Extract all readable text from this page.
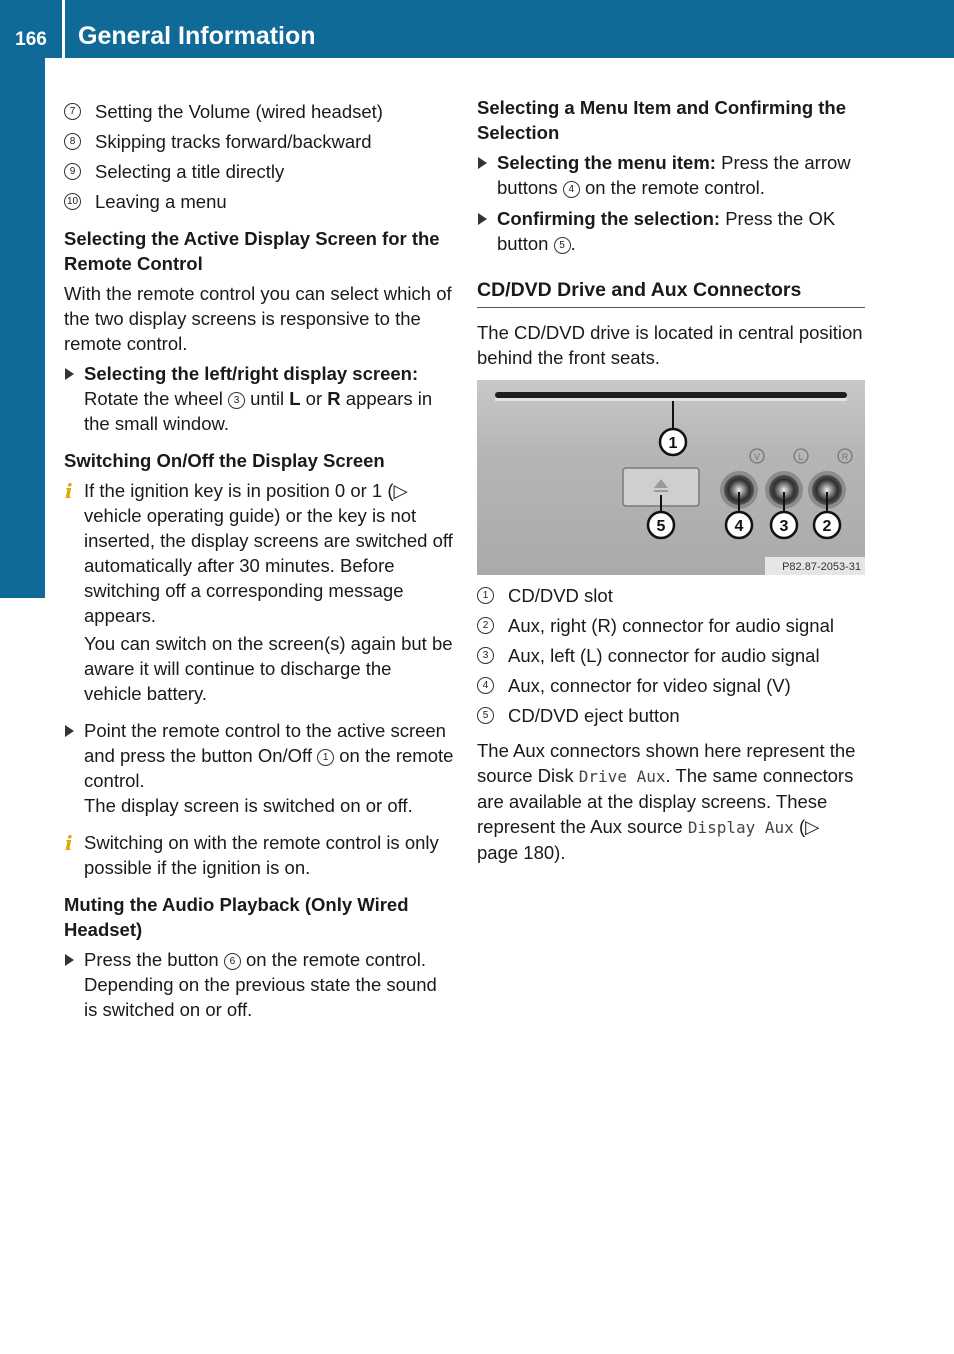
166	General Information
Rear Seat Entertainment
7	Setting the Volume (wired headset)
8	Skipping tracks forward/backward
9	Selecting a title directly
10 Leaving a menu

Selecting the Active Display Screen for the Remote Control

With the remote control you can select which of the two display screens is responsive to the remote control.

Selecting the left/right display screen: Rotate the wheel 3 until L or R appears in the small window.

Switching On/Off the Display Screen

i If the ignition key is in position 0 or 1 (▷ vehicle operating guide) or the key is not inserted, the display screens are switched off automatically after 30 minutes. Before switching off a corresponding message appears.

You can switch on the screen(s) again but be aware it will continue to discharge the vehicle battery.

Point the remote control to the active screen and press the button On/Off 1 on the remote control.
The display screen is switched on or off.
i Switching on with the remote control is only possible if the ignition is on.

Muting the Audio Playback (Only Wired Headset)

Press the button 6 on the remote control.
Depending on the previous state the sound is switched on or off.

Selecting a Menu Item and Confirming the Selection

Selecting the menu item: Press the arrow buttons 4 on the remote control.
Confirming the selection: Press the OK button 5 .
CD/DVD Drive and Aux Connectors

The CD/DVD drive is located in central position behind the front seats.

V	L	R
1
2
3
4
5
P82.87-2053-31
1	CD/DVD slot
2	Aux, right (R) connector for audio signal
3	Aux, left (L) connector for audio signal
4	Aux, connector for video signal (V)
5	CD/DVD eject button

The Aux connectors shown here represent the source Disk Drive Aux. The same connectors are available at the display screens. These represent the Aux source Display Aux (▷ page 180).
